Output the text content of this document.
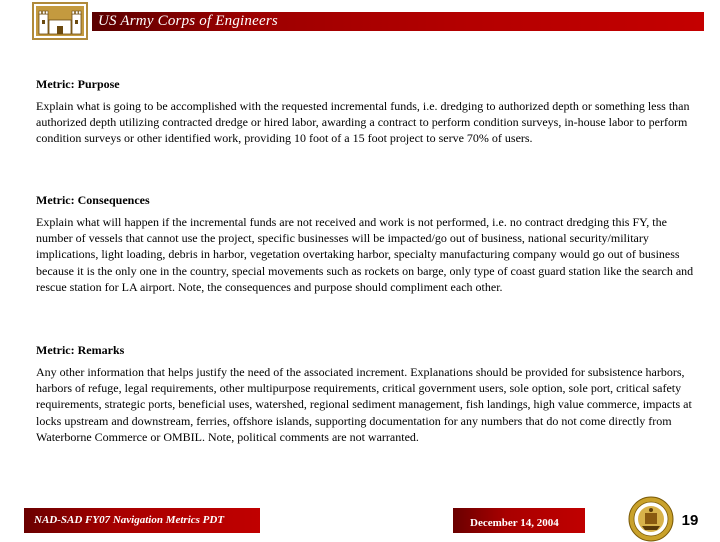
US Army Corps of Engineers
Metric: Purpose
Explain what is going to be accomplished with the requested incremental funds, i.e. dredging to authorized depth or something less than authorized depth utilizing contracted dredge or hired labor, awarding a contract to perform condition surveys, in-house labor to perform condition surveys or other identified work, providing 10 foot of a 15 foot project to serve 70% of users.
Metric: Consequences
Explain what will happen if the incremental funds are not received and work is not performed, i.e. no contract dredging this FY, the number of vessels that cannot use the project, specific businesses will be impacted/go out of business, national security/military implications, light loading, debris in harbor, vegetation overtaking harbor, specialty manufacturing company would go out of business because it is the only one in the country, special movements such as rockets on barge, only type of coast guard station like the search and rescue station for LA airport. Note, the consequences and purpose should compliment each other.
Metric: Remarks
Any other information that helps justify the need of the associated increment. Explanations should be provided for subsistence harbors, harbors of refuge, legal requirements, other multipurpose requirements, critical government users, sole option, sole port, critical safety requirements, strategic ports, beneficial uses, watershed, regional sediment management, fish landings, high value commerce, impacts at locks upstream and downstream, ferries, offshore islands, supporting documentation for any numbers that do not come directly from Waterborne Commerce or OMBIL. Note, political comments are not warranted.
NAD-SAD FY07 Navigation Metrics PDT	December 14, 2004	19
